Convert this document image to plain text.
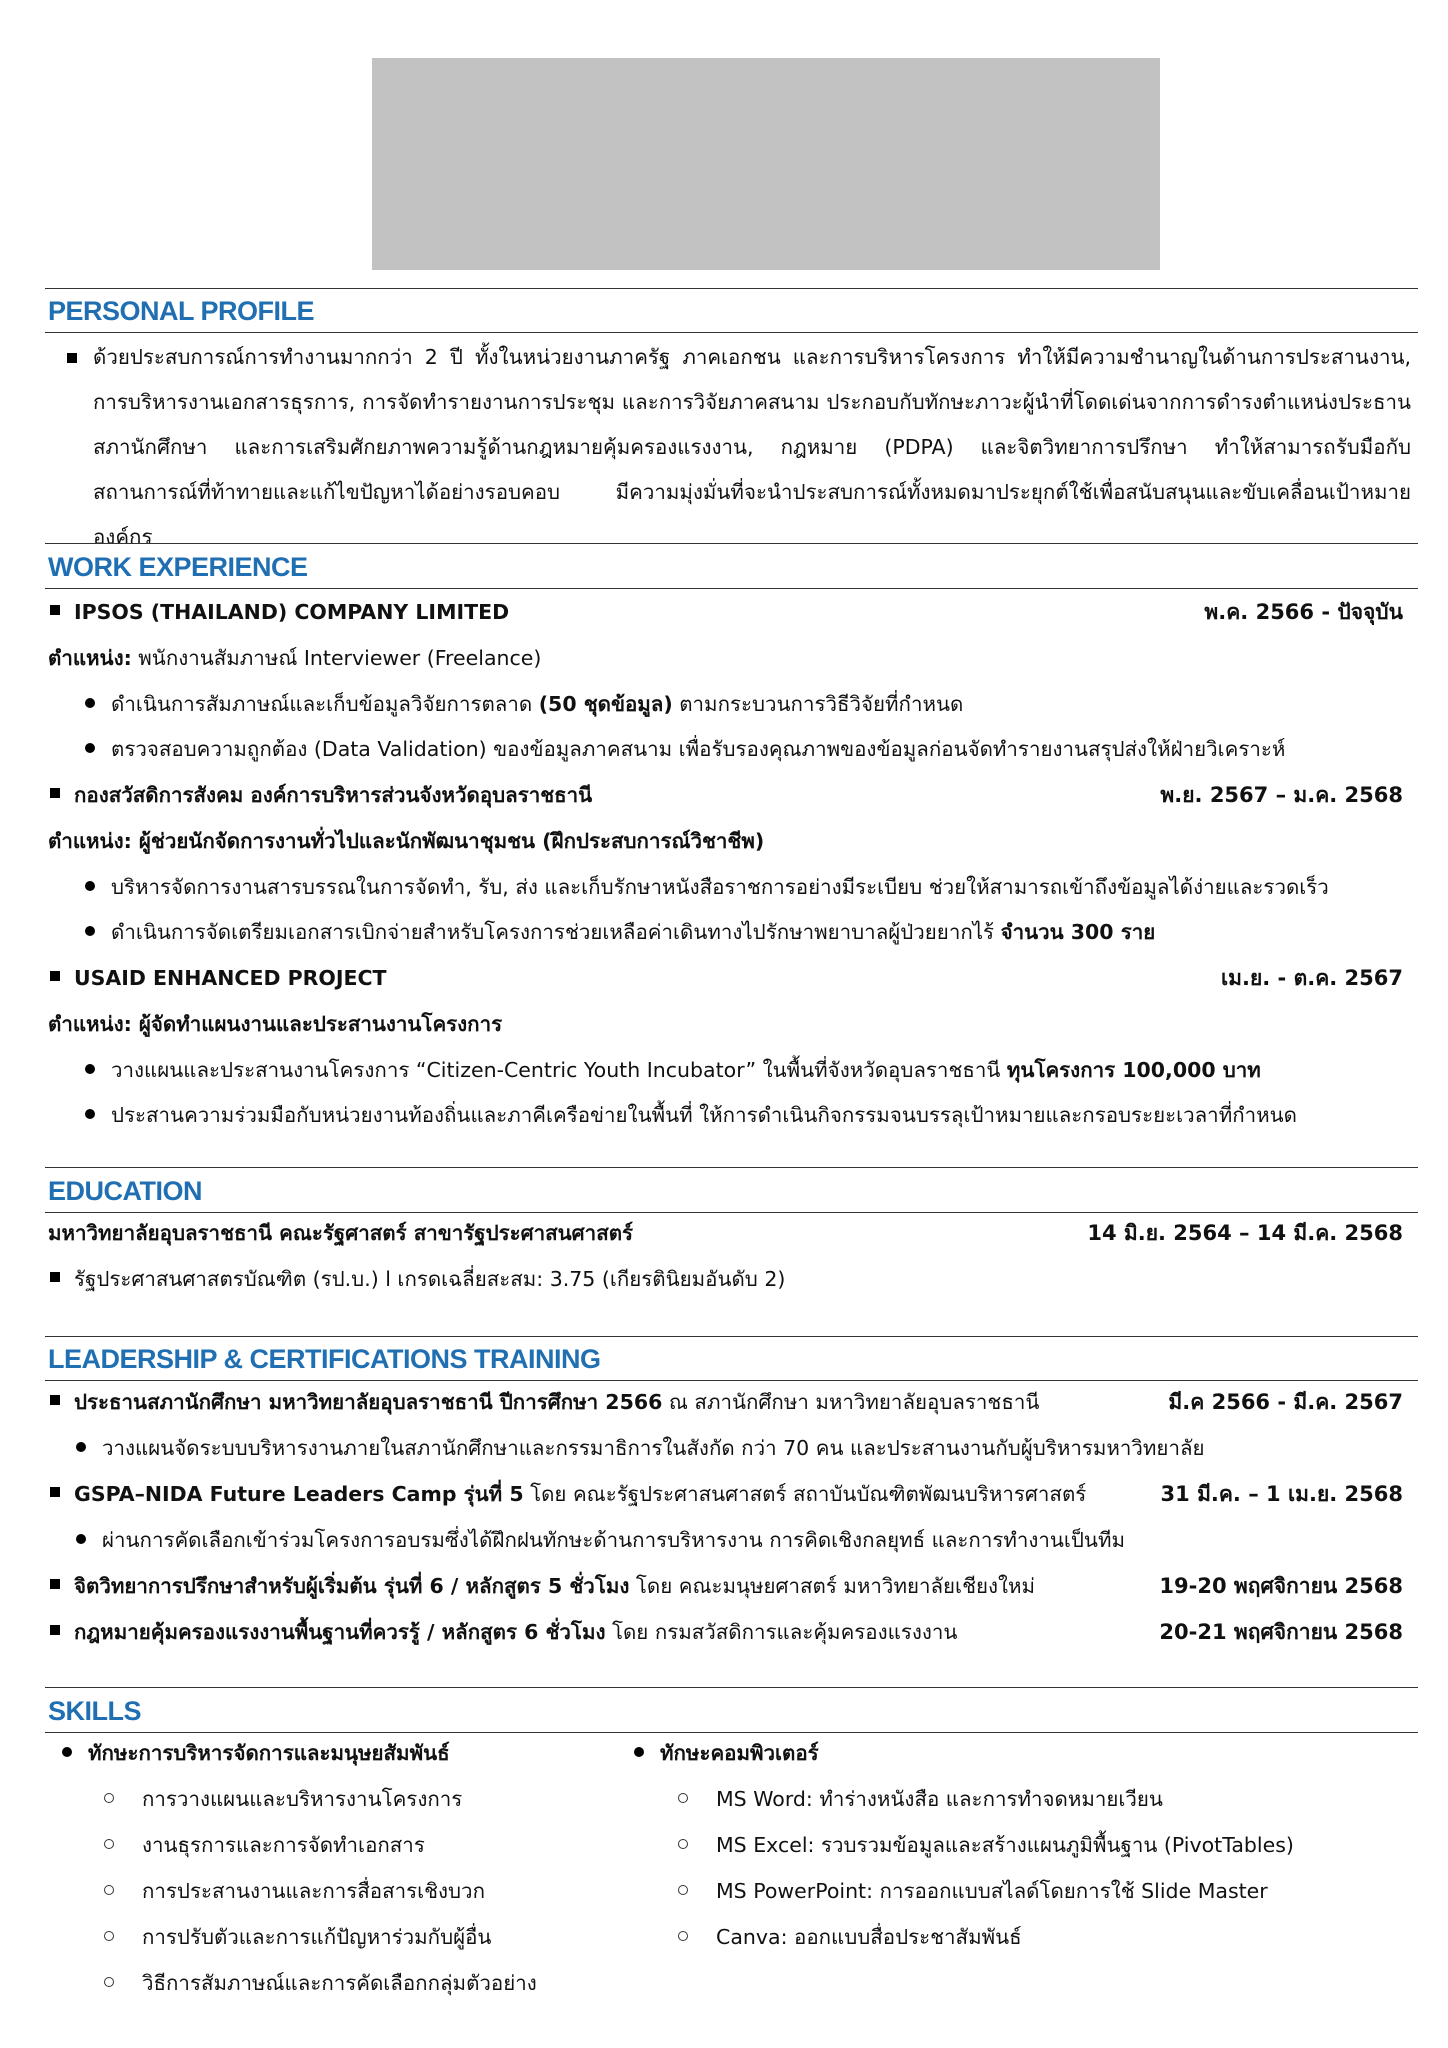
PERSONAL PROFILE
ด้วยประสบการณ์การทำงานมากกว่า 2 ปี ทั้งในหน่วยงานภาครัฐ ภาคเอกชน และการบริหารโครงการ ทำให้มีความชำนาญในด้านการประสานงาน, การบริหารงานเอกสารธุรการ, การจัดทำรายงานการประชุม และการวิจัยภาคสนาม ประกอบกับทักษะภาวะผู้นำที่โดดเด่นจากการดำรงตำแหน่งประธานสภานักศึกษา และการเสริมศักยภาพความรู้ด้านกฎหมายคุ้มครองแรงงาน, กฎหมาย (PDPA) และจิตวิทยาการปรึกษา ทำให้สามารถรับมือกับสถานการณ์ที่ท้าทายและแก้ไขปัญหาได้อย่างรอบคอบ มีความมุ่งมั่นที่จะนำประสบการณ์ทั้งหมดมาประยุกต์ใช้เพื่อสนับสนุนและขับเคลื่อนเป้าหมายองค์กร
WORK EXPERIENCE
IPSOS (THAILAND) COMPANY LIMITED	พ.ค. 2566 - ปัจจุบัน
ตำแหน่ง: พนักงานสัมภาษณ์ Interviewer (Freelance)
ดำเนินการสัมภาษณ์และเก็บข้อมูลวิจัยการตลาด (50 ชุดข้อมูล) ตามกระบวนการวิธีวิจัยที่กำหนด
ตรวจสอบความถูกต้อง (Data Validation) ของข้อมูลภาคสนาม เพื่อรับรองคุณภาพของข้อมูลก่อนจัดทำรายงานสรุปส่งให้ฝ่ายวิเคราะห์
กองสวัสดิการสังคม องค์การบริหารส่วนจังหวัดอุบลราชธานี	พ.ย. 2567 – ม.ค. 2568
ตำแหน่ง: ผู้ช่วยนักจัดการงานทั่วไปและนักพัฒนาชุมชน (ฝึกประสบการณ์วิชาชีพ)
บริหารจัดการงานสารบรรณในการจัดทำ, รับ, ส่ง และเก็บรักษาหนังสือราชการอย่างมีระเบียบ ช่วยให้สามารถเข้าถึงข้อมูลได้ง่ายและรวดเร็ว
ดำเนินการจัดเตรียมเอกสารเบิกจ่ายสำหรับโครงการช่วยเหลือค่าเดินทางไปรักษาพยาบาลผู้ป่วยยากไร้ จำนวน 300 ราย
USAID ENHANCED PROJECT	เม.ย. - ต.ค. 2567
ตำแหน่ง: ผู้จัดทำแผนงานและประสานงานโครงการ
วางแผนและประสานงานโครงการ “Citizen-Centric Youth Incubator” ในพื้นที่จังหวัดอุบลราชธานี ทุนโครงการ 100,000 บาท
ประสานความร่วมมือกับหน่วยงานท้องถิ่นและภาคีเครือข่ายในพื้นที่ ให้การดำเนินกิจกรรมจนบรรลุเป้าหมายและกรอบระยะเวลาที่กำหนด
EDUCATION
มหาวิทยาลัยอุบลราชธานี คณะรัฐศาสตร์ สาขารัฐประศาสนศาสตร์	14 มิ.ย. 2564 – 14 มี.ค. 2568
รัฐประศาสนศาสตรบัณฑิต (รป.บ.) l เกรดเฉลี่ยสะสม: 3.75 (เกียรตินิยมอันดับ 2)
LEADERSHIP & CERTIFICATIONS TRAINING
ประธานสภานักศึกษา มหาวิทยาลัยอุบลราชธานี ปีการศึกษา 2566 ณ สภานักศึกษา มหาวิทยาลัยอุบลราชธานี	มี.ค 2566 - มี.ค. 2567
วางแผนจัดระบบบริหารงานภายในสภานักศึกษาและกรรมาธิการในสังกัด กว่า 70 คน และประสานงานกับผู้บริหารมหาวิทยาลัย
GSPA–NIDA Future Leaders Camp รุ่นที่ 5 โดย คณะรัฐประศาสนศาสตร์ สถาบันบัณฑิตพัฒนบริหารศาสตร์	31 มี.ค. – 1 เม.ย. 2568
ผ่านการคัดเลือกเข้าร่วมโครงการอบรมซึ่งได้ฝึกฝนทักษะด้านการบริหารงาน การคิดเชิงกลยุทธ์ และการทำงานเป็นทีม
จิตวิทยาการปรึกษาสำหรับผู้เริ่มต้น รุ่นที่ 6 / หลักสูตร 5 ชั่วโมง โดย คณะมนุษยศาสตร์ มหาวิทยาลัยเชียงใหม่	19-20 พฤศจิกายน 2568
กฎหมายคุ้มครองแรงงานพื้นฐานที่ควรรู้ / หลักสูตร 6 ชั่วโมง โดย กรมสวัสดิการและคุ้มครองแรงงาน	20-21 พฤศจิกายน 2568
SKILLS
ทักษะการบริหารจัดการและมนุษยสัมพันธ์
การวางแผนและบริหารงานโครงการ
งานธุรการและการจัดทำเอกสาร
การประสานงานและการสื่อสารเชิงบวก
การปรับตัวและการแก้ปัญหาร่วมกับผู้อื่น
วิธีการสัมภาษณ์และการคัดเลือกกลุ่มตัวอย่าง
ทักษะคอมพิวเตอร์
MS Word: ทำร่างหนังสือ และการทำจดหมายเวียน
MS Excel: รวบรวมข้อมูลและสร้างแผนภูมิพื้นฐาน (PivotTables)
MS PowerPoint: การออกแบบสไลด์โดยการใช้ Slide Master
Canva: ออกแบบสื่อประชาสัมพันธ์
